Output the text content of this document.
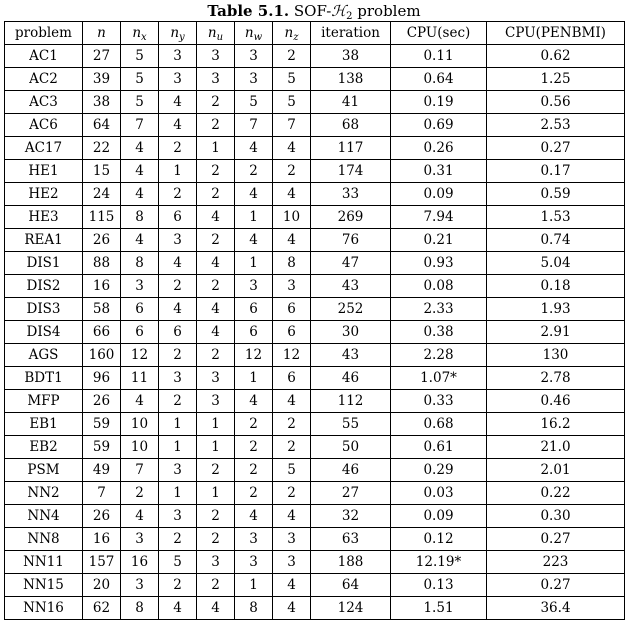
Table 5.1. SOF-ℋ$_2$ problem
problem	n	$n_x$	$n_y$	$n_u$	$n_w$	$n_z$	iteration	CPU(sec)	CPU(PENBMI)
AC1	27	5	3	3	3	2	38	0.11	0.62
AC2	39	5	3	3	3	5	138	0.64	1.25
AC3	38	5	4	2	5	5	41	0.19	0.56
AC6	64	7	4	2	7	7	68	0.69	2.53
AC17	22	4	2	1	4	4	117	0.26	0.27
HE1	15	4	1	2	2	2	174	0.31	0.17
HE2	24	4	2	2	4	4	33	0.09	0.59
HE3	115	8	6	4	1	10	269	7.94	1.53
REA1	26	4	3	2	4	4	76	0.21	0.74
DIS1	88	8	4	4	1	8	47	0.93	5.04
DIS2	16	3	2	2	3	3	43	0.08	0.18
DIS3	58	6	4	4	6	6	252	2.33	1.93
DIS4	66	6	6	4	6	6	30	0.38	2.91
AGS	160	12	2	2	12	12	43	2.28	130
BDT1	96	11	3	3	1	6	46	1.07*	2.78
MFP	26	4	2	3	4	4	112	0.33	0.46
EB1	59	10	1	1	2	2	55	0.68	16.2
EB2	59	10	1	1	2	2	50	0.61	21.0
PSM	49	7	3	2	2	5	46	0.29	2.01
NN2	7	2	1	1	2	2	27	0.03	0.22
NN4	26	4	3	2	4	4	32	0.09	0.30
NN8	16	3	2	2	3	3	63	0.12	0.27
NN11	157	16	5	3	3	3	188	12.19*	223
NN15	20	3	2	2	1	4	64	0.13	0.27
NN16	62	8	4	4	8	4	124	1.51	36.4
